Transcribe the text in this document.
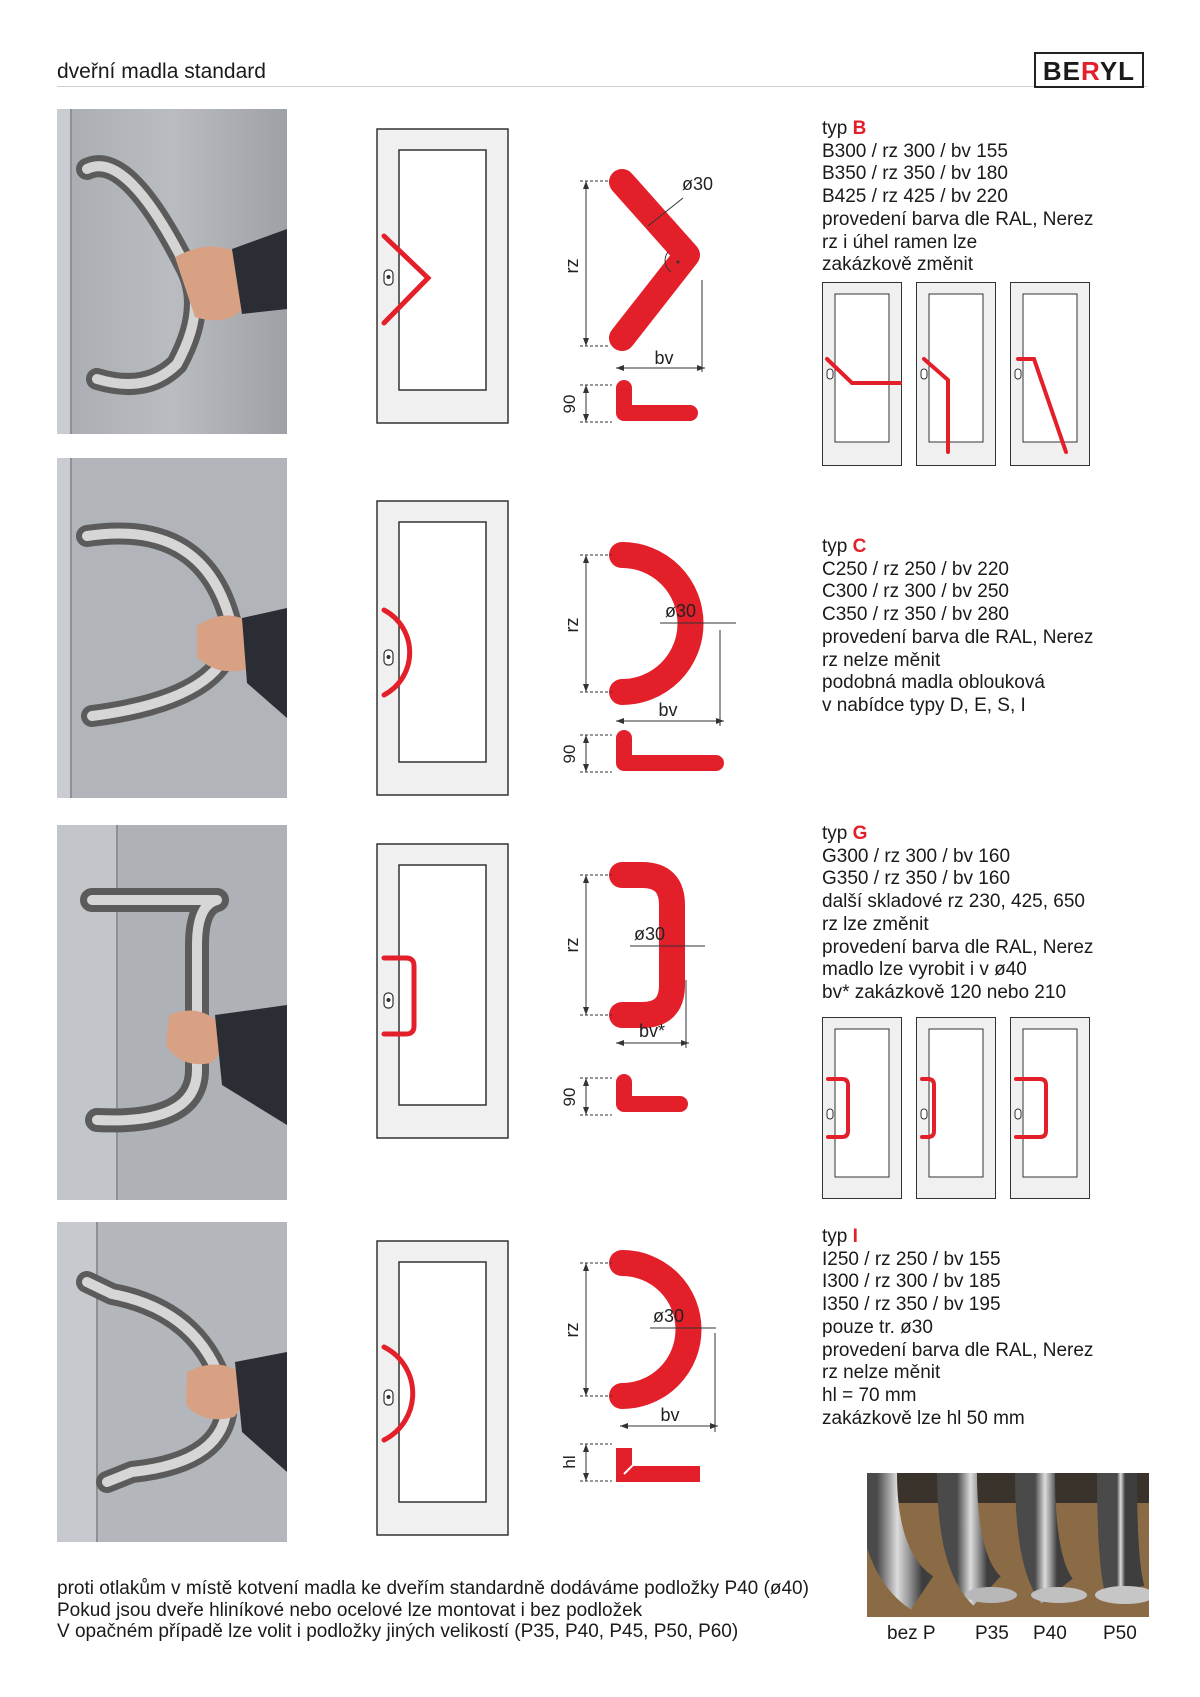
dveřní madla standard	BERYL
rz
bv
ø30
90
typ B
B300 / rz 300 / bv 155
B350 / rz 350 / bv 180
B425 / rz 425 / bv 220
provedení barva dle RAL, Nerez
rz i úhel ramen lze
zakázkově změnit
rz
bv
ø30
90
typ C
C250 / rz 250 / bv 220
C300 / rz 300 / bv 250
C350 / rz 350 / bv 280
provedení barva dle RAL, Nerez
rz nelze měnit
podobná madla oblouková
v nabídce typy D, E, S, I
rz
bv*
ø30
90
typ G
G300 / rz 300 / bv 160
G350 / rz 350 / bv 160
další skladové rz 230, 425, 650
rz lze změnit
provedení barva dle RAL, Nerez
madlo lze vyrobit i v ø40
bv* zakázkově 120 nebo 210
rz
bv
ø30
hl
typ I
I250 / rz 250 / bv 155
I300 / rz 300 / bv 185
I350 / rz 350 / bv 195
pouze tr. ø30
provedení barva dle RAL, Nerez
rz nelze měnit
hl = 70 mm
zakázkově lze hl 50 mm
bez P P35 P40 P50
proti otlakům v místě kotvení madla ke dveřím standardně dodáváme podložky P40 (ø40)
Pokud jsou dveře hliníkové nebo ocelové lze montovat i bez podložek
V opačném případě lze volit i podložky jiných velikostí (P35, P40, P45, P50, P60)
